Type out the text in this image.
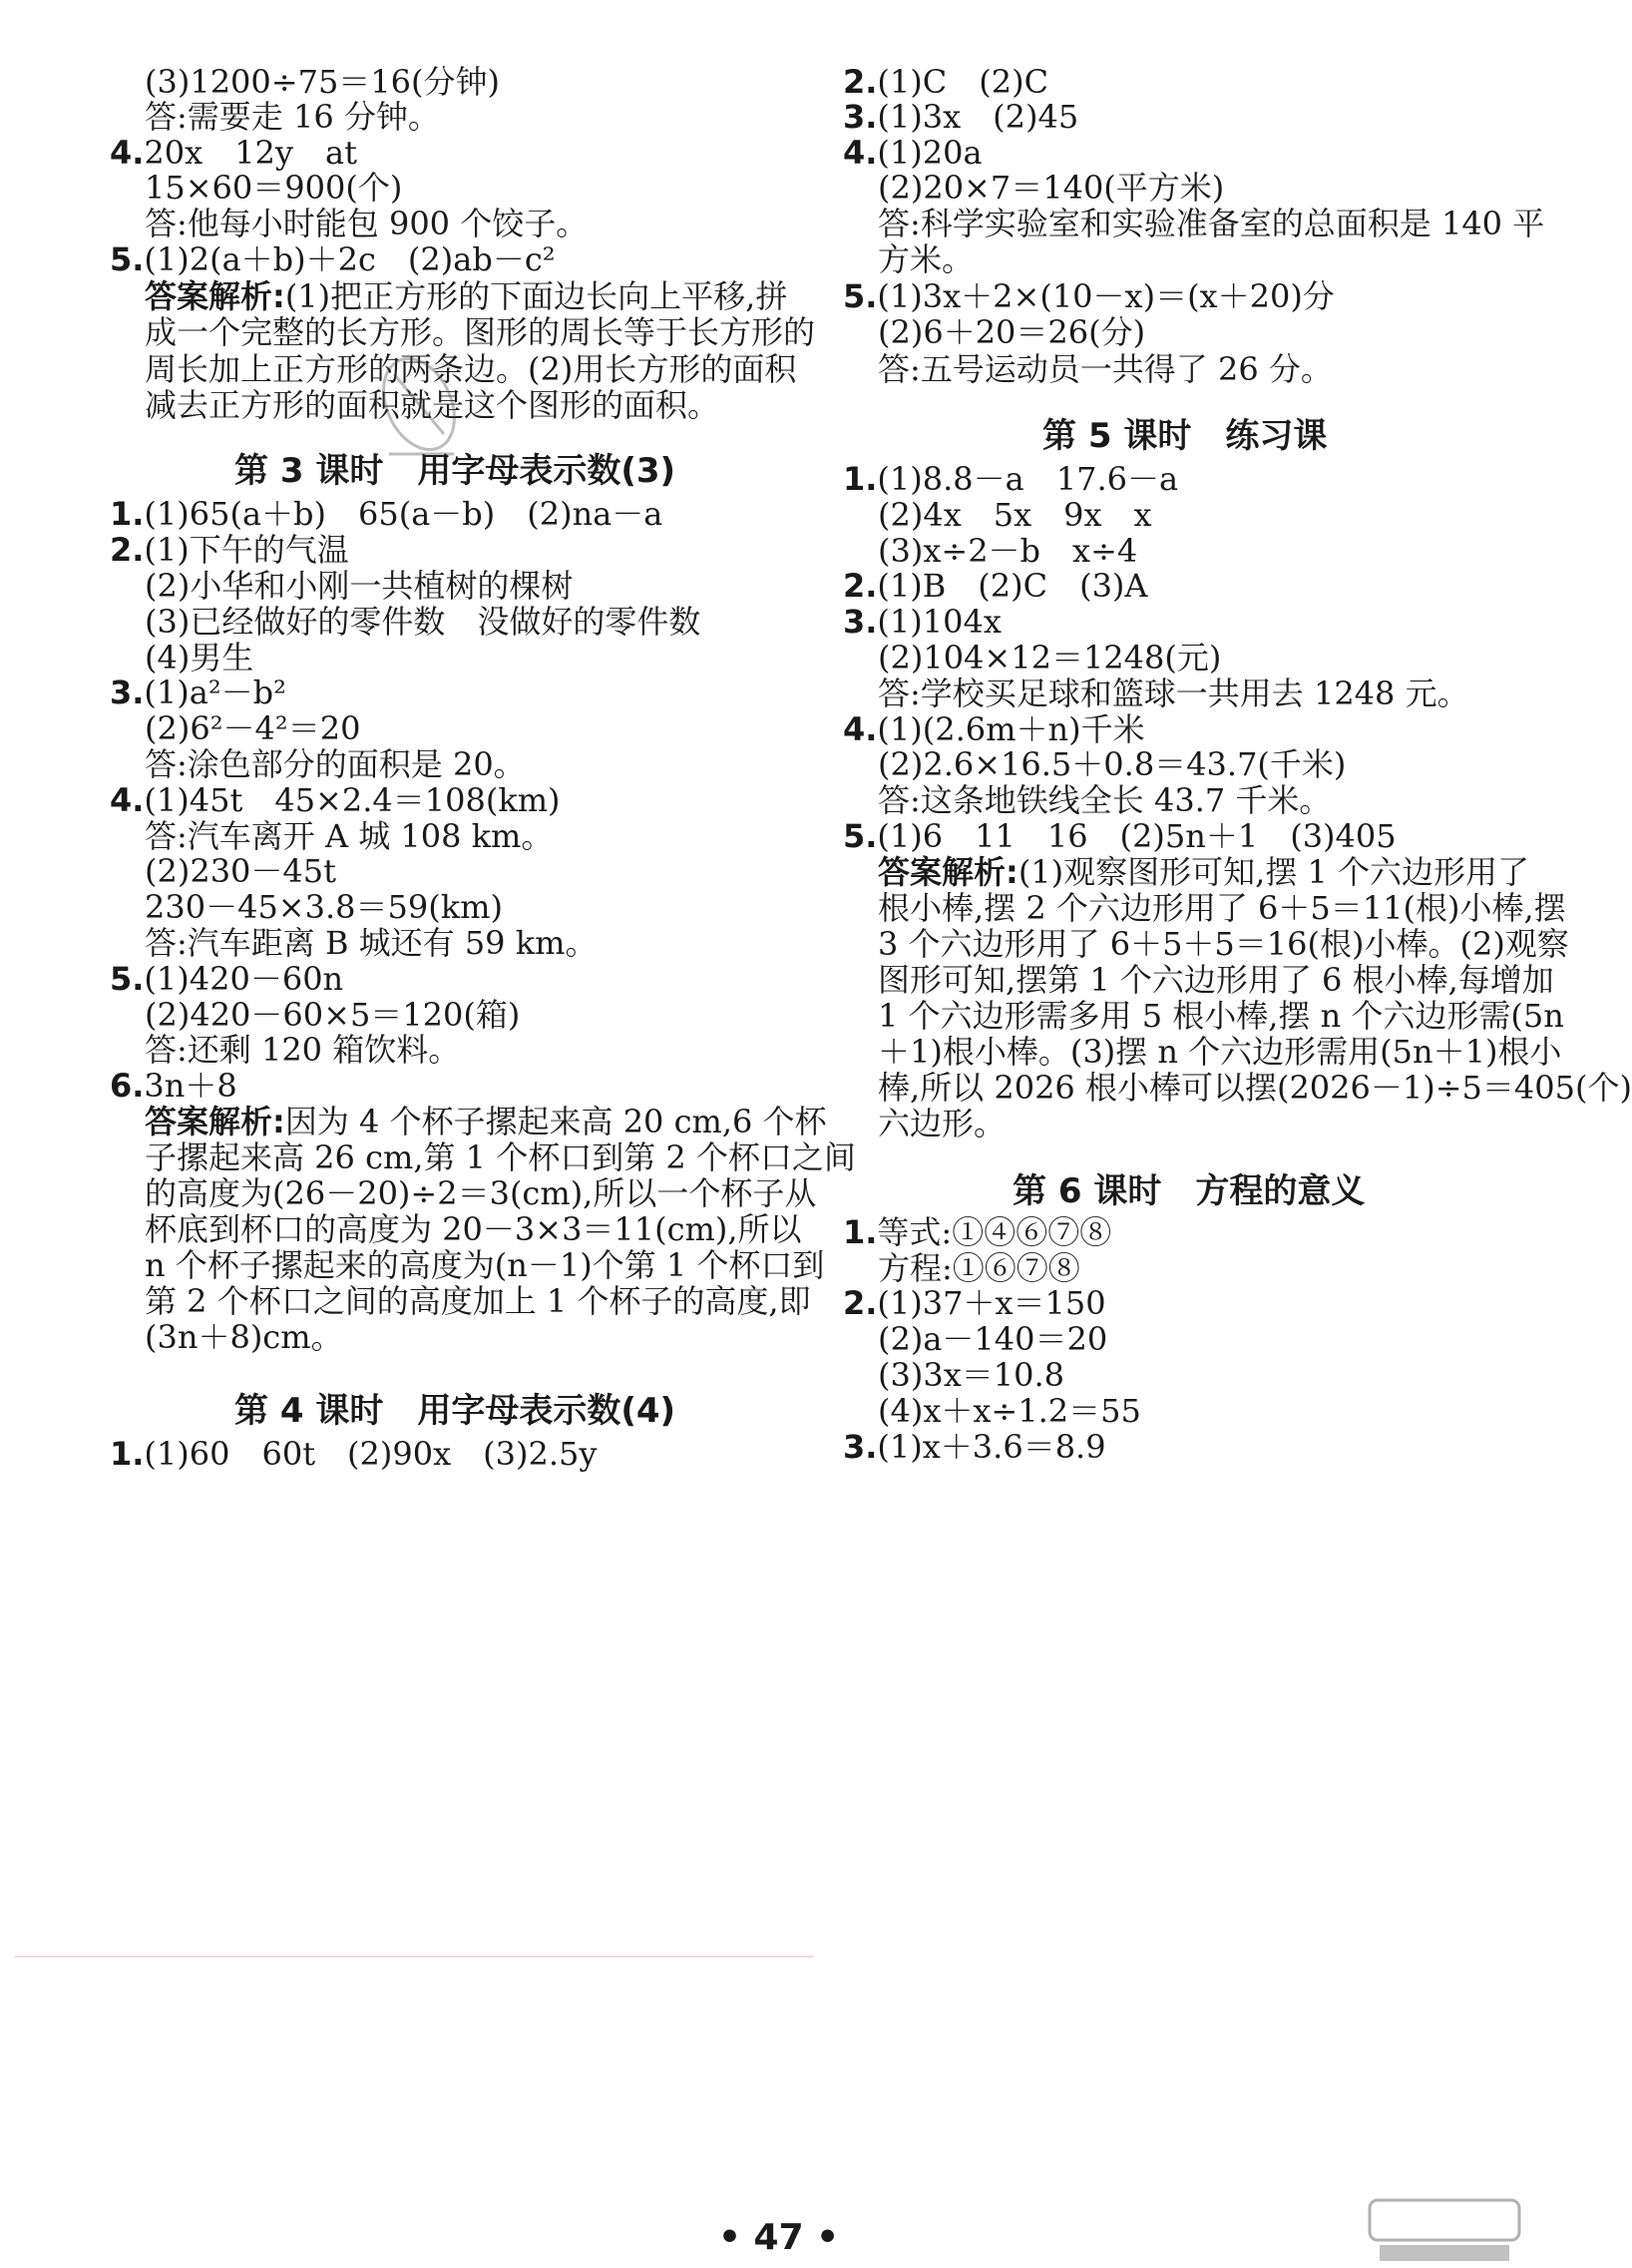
(3)1200÷75＝16(分钟)
答:需要走 16 分钟。
4.20x　12y　at
15×60＝900(个)
答:他每小时能包 900 个饺子。
5.(1)2(a＋b)＋2c　(2)ab－c²
答案解析:(1)把正方形的下面边长向上平移,拼
成一个完整的长方形。图形的周长等于长方形的
周长加上正方形的两条边。(2)用长方形的面积
减去正方形的面积就是这个图形的面积。
第 3 课时　用字母表示数(3)
1.(1)65(a＋b)　65(a－b)　(2)na－a
2.(1)下午的气温
(2)小华和小刚一共植树的棵树
(3)已经做好的零件数　没做好的零件数
(4)男生
3.(1)a²－b²
(2)6²－4²＝20
答:涂色部分的面积是 20。
4.(1)45t　45×2.4＝108(km)
答:汽车离开 A 城 108 km。
(2)230－45t
230－45×3.8＝59(km)
答:汽车距离 B 城还有 59 km。
5.(1)420－60n
(2)420－60×5＝120(箱)
答:还剩 120 箱饮料。
6.3n＋8
答案解析:因为 4 个杯子摞起来高 20 cm,6 个杯
子摞起来高 26 cm,第 1 个杯口到第 2 个杯口之间
的高度为(26－20)÷2＝3(cm),所以一个杯子从
杯底到杯口的高度为 20－3×3＝11(cm),所以
n 个杯子摞起来的高度为(n－1)个第 1 个杯口到
第 2 个杯口之间的高度加上 1 个杯子的高度,即
(3n＋8)cm。
第 4 课时　用字母表示数(4)
1.(1)60　60t　(2)90x　(3)2.5y
2.(1)C　(2)C
3.(1)3x　(2)45
4.(1)20a
(2)20×7＝140(平方米)
答:科学实验室和实验准备室的总面积是 140 平
方米。
5.(1)3x＋2×(10－x)＝(x＋20)分
(2)6＋20＝26(分)
答:五号运动员一共得了 26 分。
第 5 课时　练习课
1.(1)8.8－a　17.6－a
(2)4x　5x　9x　x
(3)x÷2－b　x÷4
2.(1)B　(2)C　(3)A
3.(1)104x
(2)104×12＝1248(元)
答:学校买足球和篮球一共用去 1248 元。
4.(1)(2.6m＋n)千米
(2)2.6×16.5＋0.8＝43.7(千米)
答:这条地铁线全长 43.7 千米。
5.(1)6　11　16　(2)5n＋1　(3)405
答案解析:(1)观察图形可知,摆 1 个六边形用了
根小棒,摆 2 个六边形用了 6＋5＝11(根)小棒,摆
3 个六边形用了 6＋5＋5＝16(根)小棒。(2)观察
图形可知,摆第 1 个六边形用了 6 根小棒,每增加
1 个六边形需多用 5 根小棒,摆 n 个六边形需(5n
＋1)根小棒。(3)摆 n 个六边形需用(5n＋1)根小
棒,所以 2026 根小棒可以摆(2026－1)÷5＝405(个)
六边形。
第 6 课时　方程的意义
1.等式:①④⑥⑦⑧
方程:①⑥⑦⑧
2.(1)37＋x＝150
(2)a－140＝20
(3)3x＝10.8
(4)x＋x÷1.2＝55
3.(1)x＋3.6＝8.9
• 47 •
